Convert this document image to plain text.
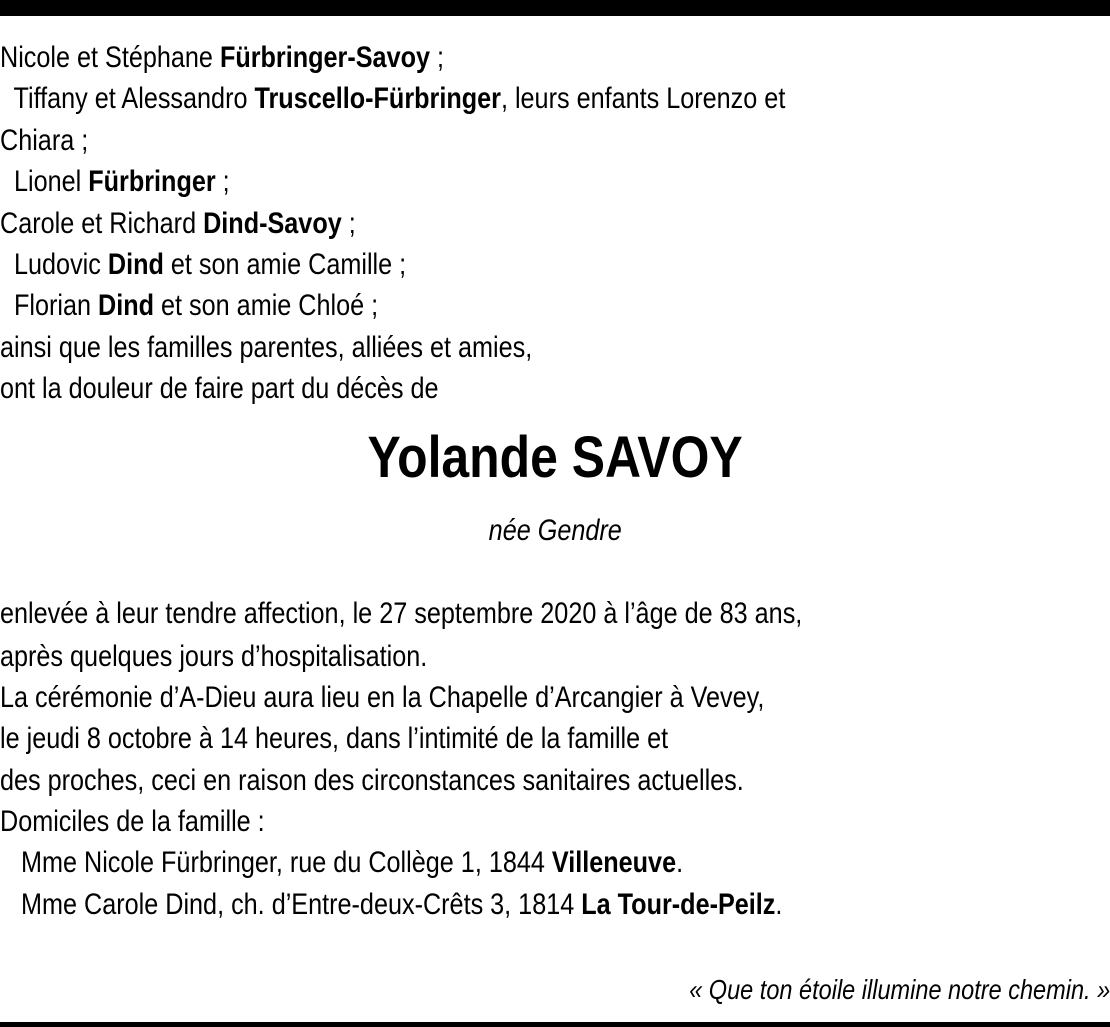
Nicole et Stéphane Fürbringer-Savoy ;
Tiffany et Alessandro Truscello-Fürbringer, leurs enfants Lorenzo et
Chiara ;
Lionel Fürbringer ;
Carole et Richard Dind-Savoy ;
Ludovic Dind et son amie Camille ;
Florian Dind et son amie Chloé ;
ainsi que les familles parentes, alliées et amies,
ont la douleur de faire part du décès de
Yolande SAVOY
née Gendre
enlevée à leur tendre affection, le 27 septembre 2020 à l’âge de 83 ans,
après quelques jours d’hospitalisation.
La cérémonie d’A-Dieu aura lieu en la Chapelle d’Arcangier à Vevey,
le jeudi 8 octobre à 14 heures, dans l’intimité de la famille et
des proches, ceci en raison des circonstances sanitaires actuelles.
Domiciles de la famille :
Mme Nicole Fürbringer, rue du Collège 1, 1844 Villeneuve.
Mme Carole Dind, ch. d’Entre-deux-Crêts 3, 1814 La Tour-de-Peilz.
« Que ton étoile illumine notre chemin. »
